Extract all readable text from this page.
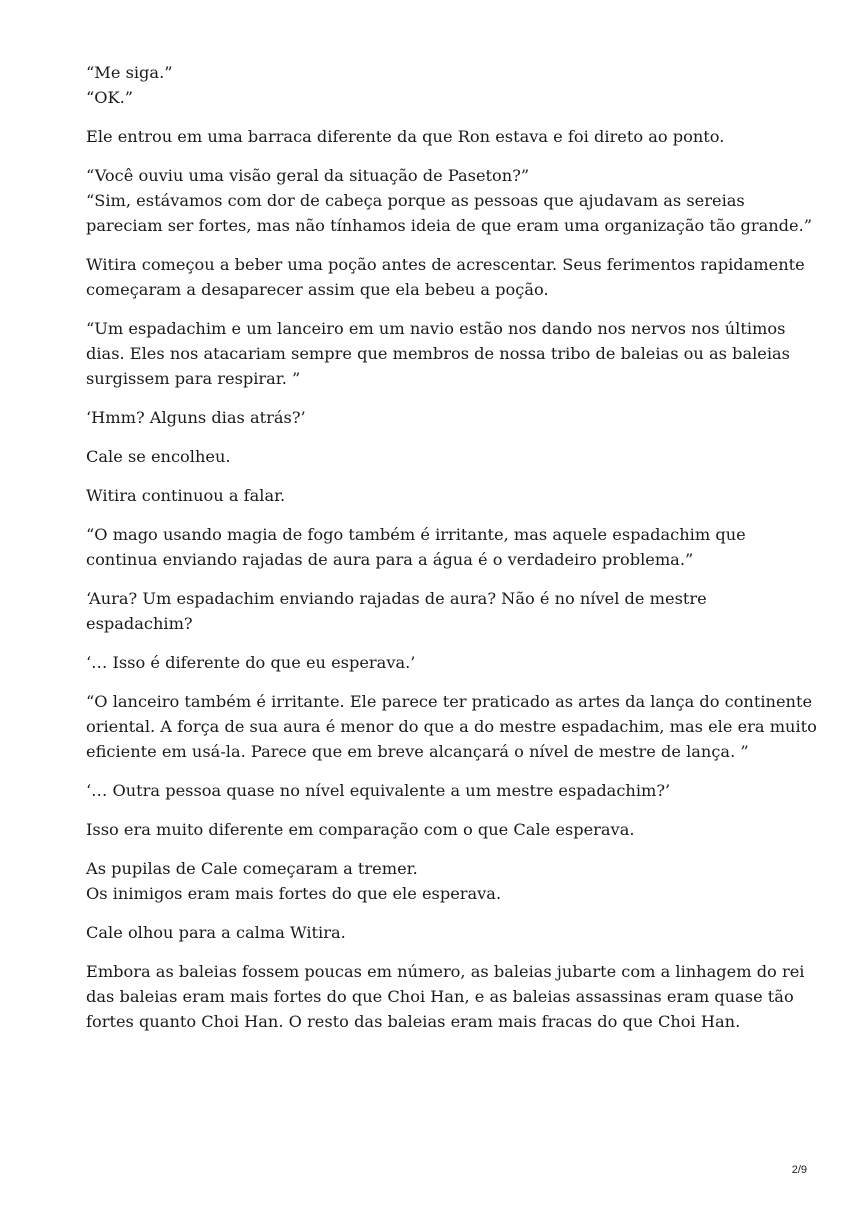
“Me siga.”
“OK.”

Ele entrou em uma barraca diferente da que Ron estava e foi direto ao ponto.

“Você ouviu uma visão geral da situação de Paseton?”
“Sim, estávamos com dor de cabeça porque as pessoas que ajudavam as sereias
pareciam ser fortes, mas não tínhamos ideia de que eram uma organização tão grande.”

Witira começou a beber uma poção antes de acrescentar. Seus ferimentos rapidamente
começaram a desaparecer assim que ela bebeu a poção.

“Um espadachim e um lanceiro em um navio estão nos dando nos nervos nos últimos
dias. Eles nos atacariam sempre que membros de nossa tribo de baleias ou as baleias
surgissem para respirar. ”

‘Hmm? Alguns dias atrás?’

Cale se encolheu.

Witira continuou a falar.

“O mago usando magia de fogo também é irritante, mas aquele espadachim que
continua enviando rajadas de aura para a água é o verdadeiro problema.”

‘Aura? Um espadachim enviando rajadas de aura? Não é no nível de mestre
espadachim?

‘… Isso é diferente do que eu esperava.’

“O lanceiro também é irritante. Ele parece ter praticado as artes da lança do continente
oriental. A força de sua aura é menor do que a do mestre espadachim, mas ele era muito
eficiente em usá-la. Parece que em breve alcançará o nível de mestre de lança. ”

‘… Outra pessoa quase no nível equivalente a um mestre espadachim?’

Isso era muito diferente em comparação com o que Cale esperava.

As pupilas de Cale começaram a tremer.
Os inimigos eram mais fortes do que ele esperava.

Cale olhou para a calma Witira.

Embora as baleias fossem poucas em número, as baleias jubarte com a linhagem do rei
das baleias eram mais fortes do que Choi Han, e as baleias assassinas eram quase tão
fortes quanto Choi Han. O resto das baleias eram mais fracas do que Choi Han.

2/9
